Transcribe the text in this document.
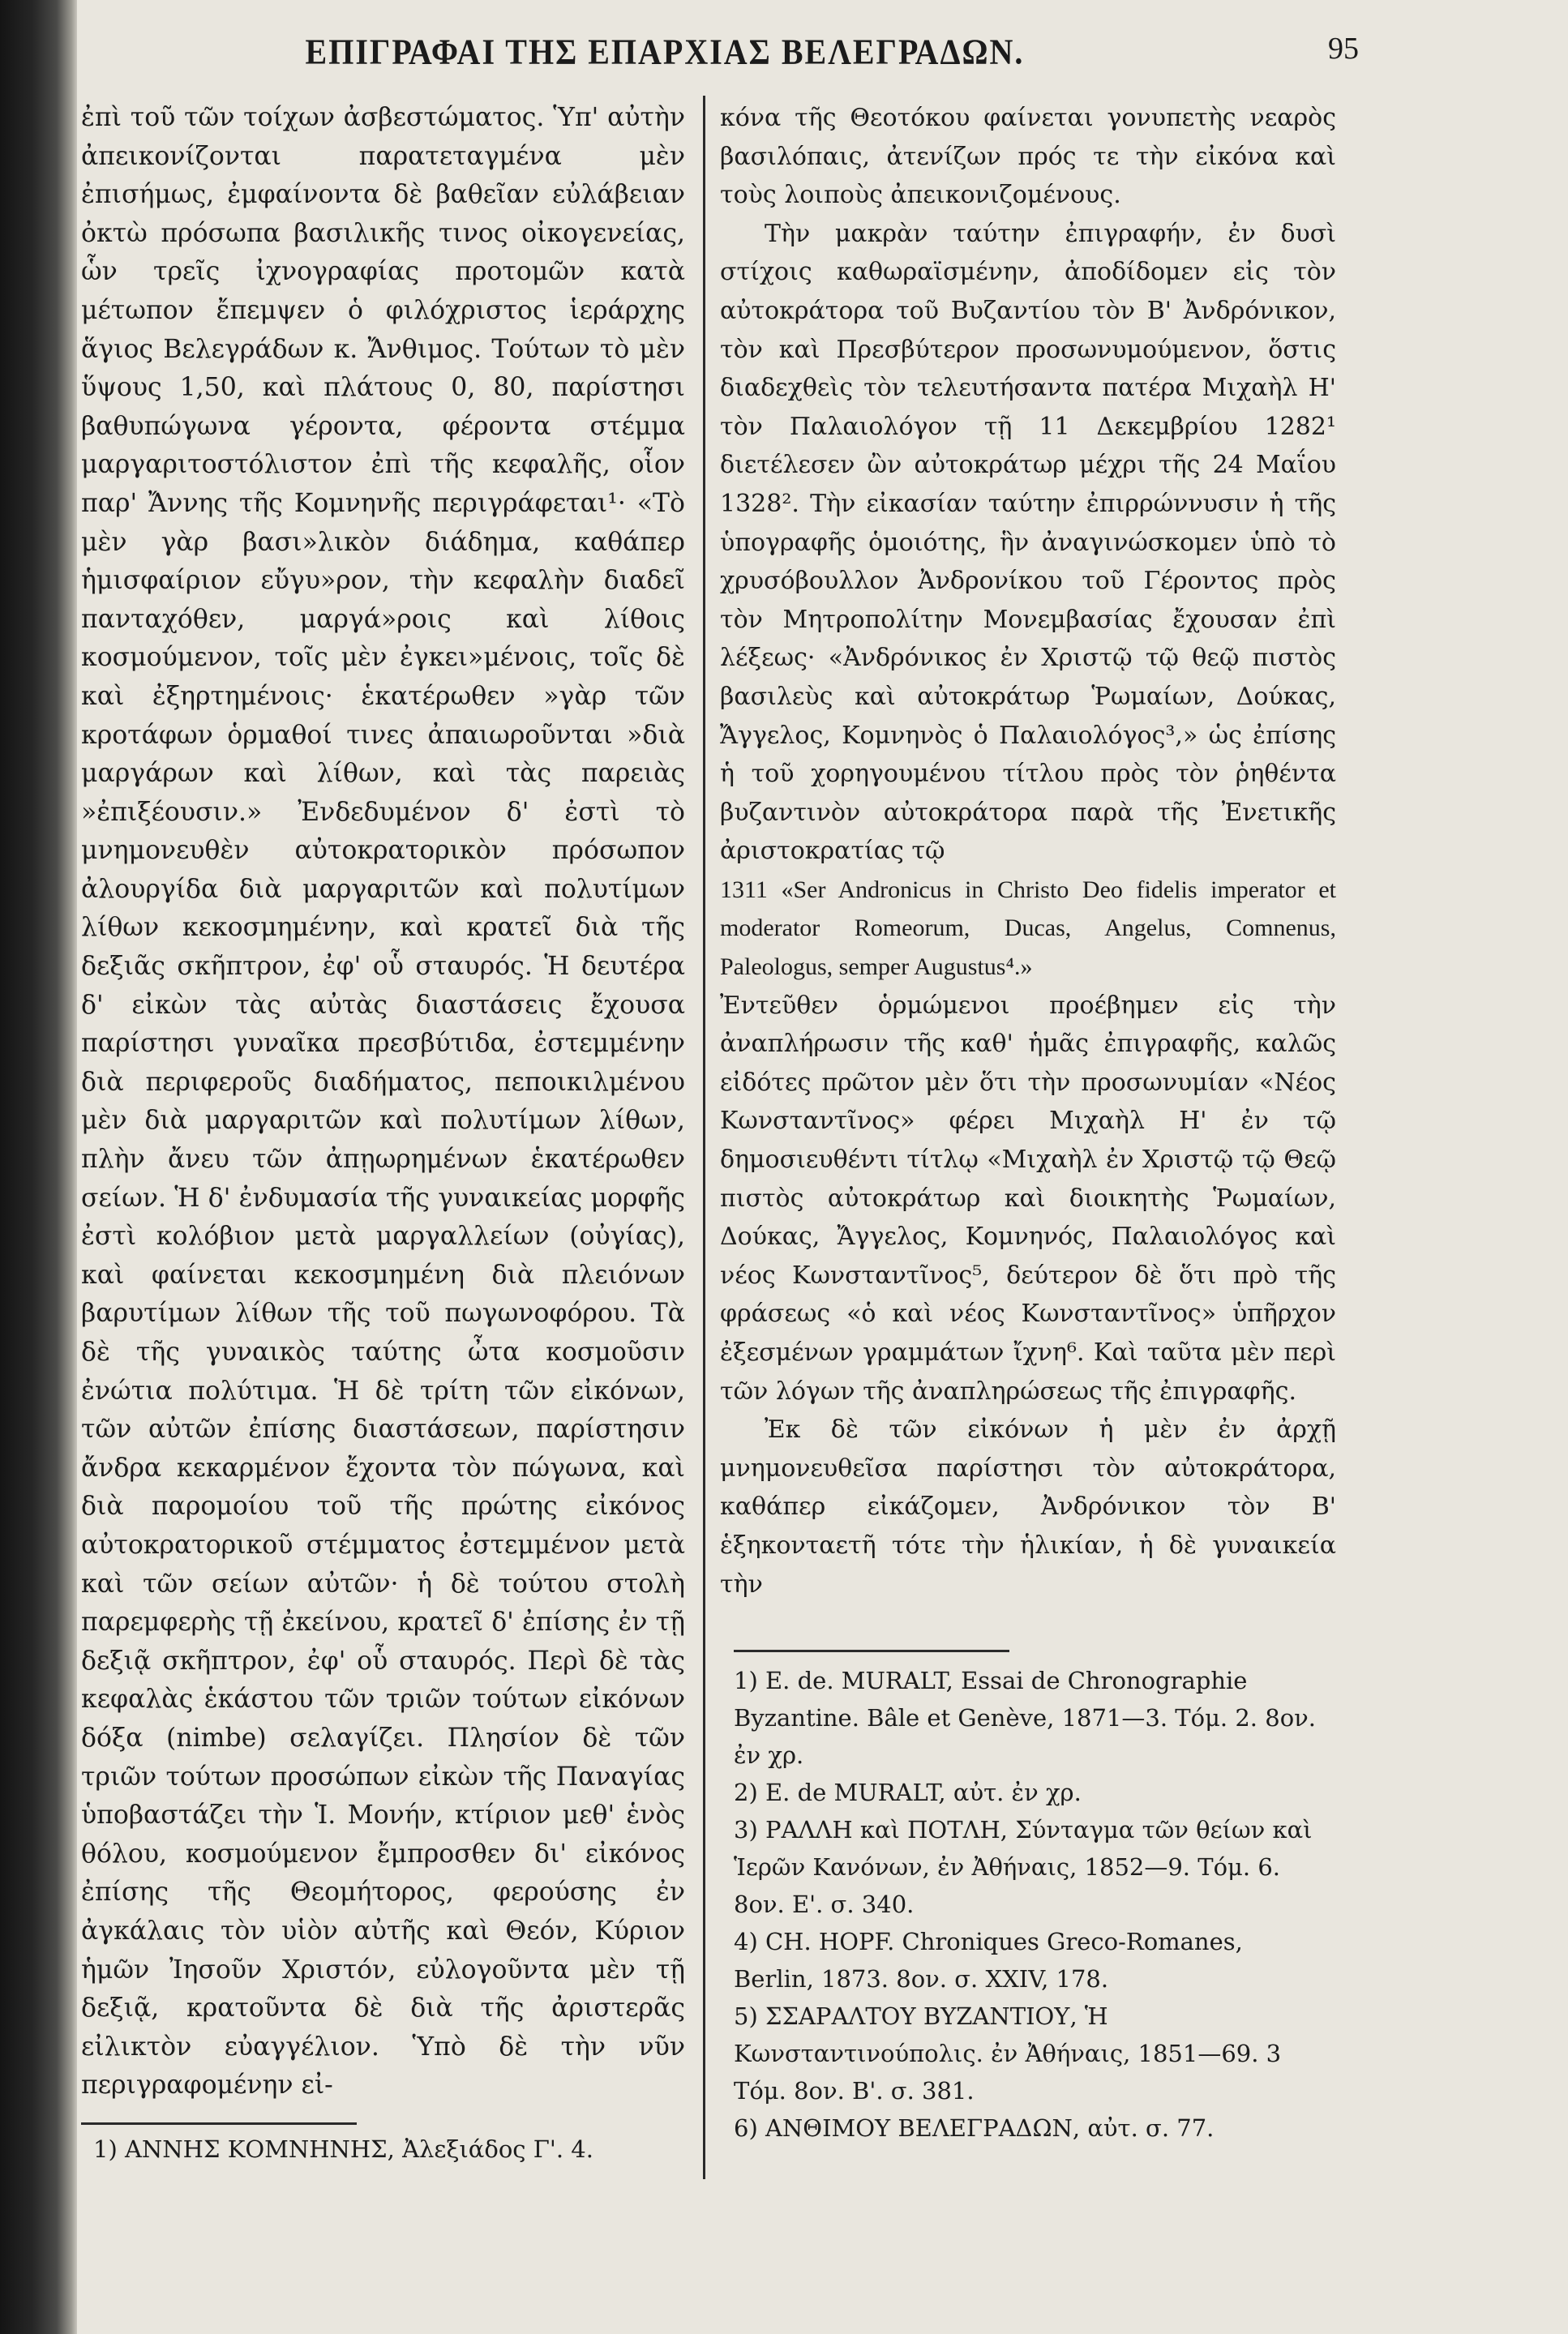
ΕΠΙΓΡΑΦΑΙ ΤΗΣ ΕΠΑΡΧΙΑΣ ΒΕΛΕΓΡΑΔΩΝ.	95

ἐπὶ τοῦ τῶν τοίχων ἀσβεστώματος. Ὑπ' αὐτὴν ἀπεικονίζονται παρατεταγμένα μὲν ἐπισήμως, ἐμφαίνοντα δὲ βαθεῖαν εὐλάβειαν ὀκτὼ πρόσωπα βασιλικῆς τινος οἰκογενείας, ὧν τρεῖς ἰχνογραφίας προτομῶν κατὰ μέτωπον ἔπεμψεν ὁ φιλόχριστος ἱεράρχης ἅγιος Βελεγράδων κ. Ἄνθιμος. Τούτων τὸ μὲν ὕψους 1,50, καὶ πλάτους 0, 80, παρίστησι βαθυπώγωνα γέροντα, φέροντα στέμμα μαργαριτοστόλιστον ἐπὶ τῆς κεφαλῆς, οἷον παρ' Ἄννης τῆς Κομνηνῆς περιγράφεται¹· «Τὸ μὲν γὰρ βασι»λικὸν διάδημα, καθάπερ ἡμισφαίριον εὔγυ»ρον, τὴν κεφαλὴν διαδεῖ πανταχόθεν, μαργά»ροις καὶ λίθοις κοσμούμενον, τοῖς μὲν ἐγκει»μένοις, τοῖς δὲ καὶ ἐξηρτημένοις· ἑκατέρωθεν »γὰρ τῶν κροτάφων ὁρμαθοί τινες ἀπαιωροῦνται »διὰ μαργάρων καὶ λίθων, καὶ τὰς παρειὰς »ἐπιξέουσιν.» Ἐνδεδυμένον δ' ἐστὶ τὸ μνημονευθὲν αὐτοκρατορικὸν πρόσωπον ἀλουργίδα διὰ μαργαριτῶν καὶ πολυτίμων λίθων κεκοσμημένην, καὶ κρατεῖ διὰ τῆς δεξιᾶς σκῆπτρον, ἐφ' οὗ σταυρός. Ἡ δευτέρα δ' εἰκὼν τὰς αὐτὰς διαστάσεις ἔχουσα παρίστησι γυναῖκα πρεσβύτιδα, ἐστεμμένην διὰ περιφεροῦς διαδήματος, πεποικιλμένου μὲν διὰ μαργαριτῶν καὶ πολυτίμων λίθων, πλὴν ἄνευ τῶν ἀπῃωρημένων ἑκατέρωθεν σείων. Ἡ δ' ἐνδυμασία τῆς γυναικείας μορφῆς ἐστὶ κολόβιον μετὰ μαργαλλείων (οὐγίας), καὶ φαίνεται κεκοσμημένη διὰ πλειόνων βαρυτίμων λίθων τῆς τοῦ πωγωνοφόρου. Τὰ δὲ τῆς γυναικὸς ταύτης ὦτα κοσμοῦσιν ἐνώτια πολύτιμα. Ἡ δὲ τρίτη τῶν εἰκόνων, τῶν αὐτῶν ἐπίσης διαστάσεων, παρίστησιν ἄνδρα κεκαρμένον ἔχοντα τὸν πώγωνα, καὶ διὰ παρομοίου τοῦ τῆς πρώτης εἰκόνος αὐτοκρατορικοῦ στέμματος ἐστεμμένον μετὰ καὶ τῶν σείων αὐτῶν· ἡ δὲ τούτου στολὴ παρεμφερὴς τῇ ἐκείνου, κρατεῖ δ' ἐπίσης ἐν τῇ δεξιᾷ σκῆπτρον, ἐφ' οὗ σταυρός. Περὶ δὲ τὰς κεφαλὰς ἑκάστου τῶν τριῶν τούτων εἰκόνων δόξα (nimbe) σελαγίζει. Πλησίον δὲ τῶν τριῶν τούτων προσώπων εἰκὼν τῆς Παναγίας ὑποβαστάζει τὴν Ἱ. Μονήν, κτίριον μεθ' ἑνὸς θόλου, κοσμούμενον ἔμπροσθεν δι' εἰκόνος ἐπίσης τῆς Θεομήτορος, φερούσης ἐν ἀγκάλαις τὸν υἱὸν αὐτῆς καὶ Θεόν, Κύριον ἡμῶν Ἰησοῦν Χριστόν, εὐλογοῦντα μὲν τῇ δεξιᾷ, κρατοῦντα δὲ διὰ τῆς ἀριστερᾶς εἰλικτὸν εὐαγγέλιον. Ὑπὸ δὲ τὴν νῦν περιγραφομένην εἰ-

κόνα τῆς Θεοτόκου φαίνεται γονυπετὴς νεαρὸς βασιλόπαις, ἀτενίζων πρός τε τὴν εἰκόνα καὶ τοὺς λοιποὺς ἀπεικονιζομένους.

Τὴν μακρὰν ταύτην ἐπιγραφήν, ἐν δυσὶ στίχοις καθωραϊσμένην, ἀποδίδομεν εἰς τὸν αὐτοκράτορα τοῦ Βυζαντίου τὸν Β' Ἀνδρόνικον, τὸν καὶ Πρεσβύτερον προσωνυμούμενον, ὅστις διαδεχθεὶς τὸν τελευτήσαντα πατέρα Μιχαὴλ Η' τὸν Παλαιολόγον τῇ 11 Δεκεμβρίου 1282¹ διετέλεσεν ὢν αὐτοκράτωρ μέχρι τῆς 24 Μαΐου 1328². Τὴν εἰκασίαν ταύτην ἐπιρρώννυσιν ἡ τῆς ὑπογραφῆς ὁμοιότης, ἣν ἀναγινώσκομεν ὑπὸ τὸ χρυσόβουλλον Ἀνδρονίκου τοῦ Γέροντος πρὸς τὸν Μητροπολίτην Μονεμβασίας ἔχουσαν ἐπὶ λέξεως· «Ἀνδρόνικος ἐν Χριστῷ τῷ θεῷ πιστὸς βασιλεὺς καὶ αὐτοκράτωρ Ῥωμαίων, Δούκας, Ἄγγελος, Κομνηνὸς ὁ Παλαιολόγος³,» ὡς ἐπίσης ἡ τοῦ χορηγουμένου τίτλου πρὸς τὸν ῥηθέντα βυζαντινὸν αὐτοκράτορα παρὰ τῆς Ἐνετικῆς ἀριστοκρατίας τῷ

1311 «Ser Andronicus in Christo Deo fidelis imperator et moderator Romeorum, Ducas, Angelus, Comnenus, Paleologus, semper Augustus⁴.»

Ἐντεῦθεν ὁρμώμενοι προέβημεν εἰς τὴν ἀναπλήρωσιν τῆς καθ' ἡμᾶς ἐπιγραφῆς, καλῶς εἰδότες πρῶτον μὲν ὅτι τὴν προσωνυμίαν «Νέος Κωνσταντῖνος» φέρει Μιχαὴλ Η' ἐν τῷ δημοσιευθέντι τίτλῳ «Μιχαὴλ ἐν Χριστῷ τῷ Θεῷ πιστὸς αὐτοκράτωρ καὶ διοικητὴς Ῥωμαίων, Δούκας, Ἄγγελος, Κομνηνός, Παλαιολόγος καὶ νέος Κωνσταντῖνος⁵, δεύτερον δὲ ὅτι πρὸ τῆς φράσεως «ὁ καὶ νέος Κωνσταντῖνος» ὑπῆρχον ἐξεσμένων γραμμάτων ἴχνη⁶. Καὶ ταῦτα μὲν περὶ τῶν λόγων τῆς ἀναπληρώσεως τῆς ἐπιγραφῆς.

Ἐκ δὲ τῶν εἰκόνων ἡ μὲν ἐν ἀρχῇ μνημονευθεῖσα παρίστησι τὸν αὐτοκράτορα, καθάπερ εἰκάζομεν, Ἀνδρόνικον τὸν Β' ἑξηκονταετῆ τότε τὴν ἡλικίαν, ἡ δὲ γυναικεία τὴν

1) ΑΝΝΗΣ ΚΟΜΝΗΝΗΣ, Ἀλεξιάδος Γ'. 4.

1) E. de. MURALT, Essai de Chronographie Byzantine. Bâle et Genève, 1871—3. Τόμ. 2. 8ον. ἐν χρ.

2) E. de MURALT, αὐτ. ἐν χρ.

3) ΡΑΛΛΗ καὶ ΠΟΤΛΗ, Σύνταγμα τῶν θείων καὶ Ἱερῶν Κανόνων, ἐν Ἀθήναις, 1852—9. Τόμ. 6. 8ον. Ε'. σ. 340.

4) CH. HOPF. Chroniques Greco-Romanes, Berlin, 1873. 8ον. σ. XXIV, 178.

5) ΣΣΑΡΑΛΤΟΥ ΒΥΖΑΝΤΙΟΥ, Ἡ Κωνσταντινούπολις. ἐν Ἀθήναις, 1851—69. 3 Τόμ. 8ον. Β'. σ. 381.

6) ΑΝΘΙΜΟΥ ΒΕΛΕΓΡΑΔΩΝ, αὐτ. σ. 77.
